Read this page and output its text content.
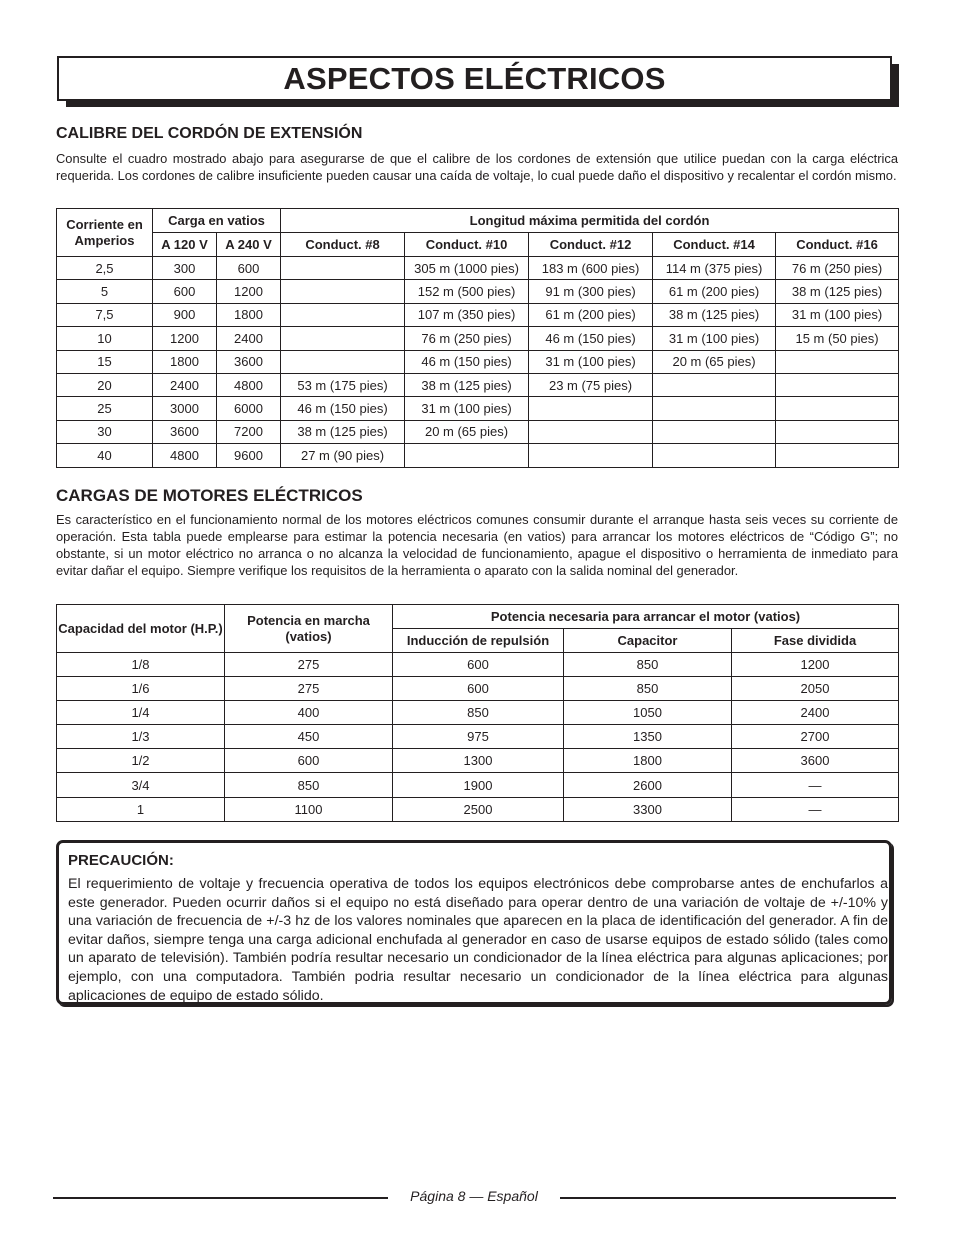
ASPECTOS ELÉCTRICOS
CALIBRE DEL CORDÓN DE EXTENSIÓN

Consulte el cuadro mostrado abajo para asegurarse de que el calibre de los cordones de extensión que utilice puedan con la carga eléctrica requerida. Los cordones de calibre insuficiente pueden causar una caída de voltaje, lo cual puede daño el dispositivo y recalentar el cordón mismo.

Corriente en Amperios	Carga en vatios		Longitud máxima permitida del cordón				
	A 120 V	A 240 V	Conduct. #8	Conduct. #10	Conduct. #12	Conduct. #14	Conduct. #16
2,5	300	600		305 m (1000 pies)	183 m (600 pies)	114 m (375 pies)	76 m (250 pies)
5	600	1200		152 m (500 pies)	91 m (300 pies)	61 m (200 pies)	38 m (125 pies)
7,5	900	1800		107 m (350 pies)	61 m (200 pies)	38 m (125 pies)	31 m (100 pies)
10	1200	2400		76 m (250 pies)	46 m (150 pies)	31 m (100 pies)	15 m (50 pies)
15	1800	3600		46 m (150 pies)	31 m (100 pies)	20 m (65 pies)	
20	2400	4800	53 m (175 pies)	38 m (125 pies)	23 m (75 pies)		
25	3000	6000	46 m (150 pies)	31 m (100 pies)			
30	3600	7200	38 m (125 pies)	20 m (65 pies)			
40	4800	9600	27 m (90 pies)				
CARGAS DE MOTORES ELÉCTRICOS

Es característico en el funcionamiento normal de los motores eléctricos comunes consumir durante el arranque hasta seis veces su corriente de operación. Esta tabla puede emplearse para estimar la potencia necesaria (en vatios) para arrancar los motores eléctricos de “Código G”; no obstante, si un motor eléctrico no arranca o no alcanza la velocidad de funcionamiento, apague el dispositivo o herramienta de inmediato para evitar dañar el equipo. Siempre verifique los requisitos de la herramienta o aparato con la salida nominal del generador.

Capacidad del motor (H.P.)	Potencia en marcha (vatios)	Potencia necesaria para arrancar el motor (vatios)		
		Inducción de repulsión	Capacitor	Fase dividida
1/8	275	600	850	1200
1/6	275	600	850	2050
1/4	400	850	1050	2400
1/3	450	975	1350	2700
1/2	600	1300	1800	3600
3/4	850	1900	2600	—
1	1100	2500	3300	—
PRECAUCIÓN:

El requerimiento de voltaje y frecuencia operativa de todos los equipos electrónicos debe comprobarse antes de enchufarlos a este generador. Pueden ocurrir daños si el equipo no está diseñado para operar dentro de una variación de voltaje de +/-10% y una variación de frecuencia de +/-3 hz de los valores nominales que aparecen en la placa de identificación del generador. A fin de evitar daños, siempre tenga una carga adicional enchufada al generador en caso de usarse equipos de estado sólido (tales como un aparato de televisión). También podría resultar necesario un condicionador de la línea eléctrica para algunas aplicaciones; por ejemplo, con una computadora. También podria resultar necesario un condicionador de la línea eléctrica para algunas aplicaciones de equipo de estado sólido.

Página 8 — Español
